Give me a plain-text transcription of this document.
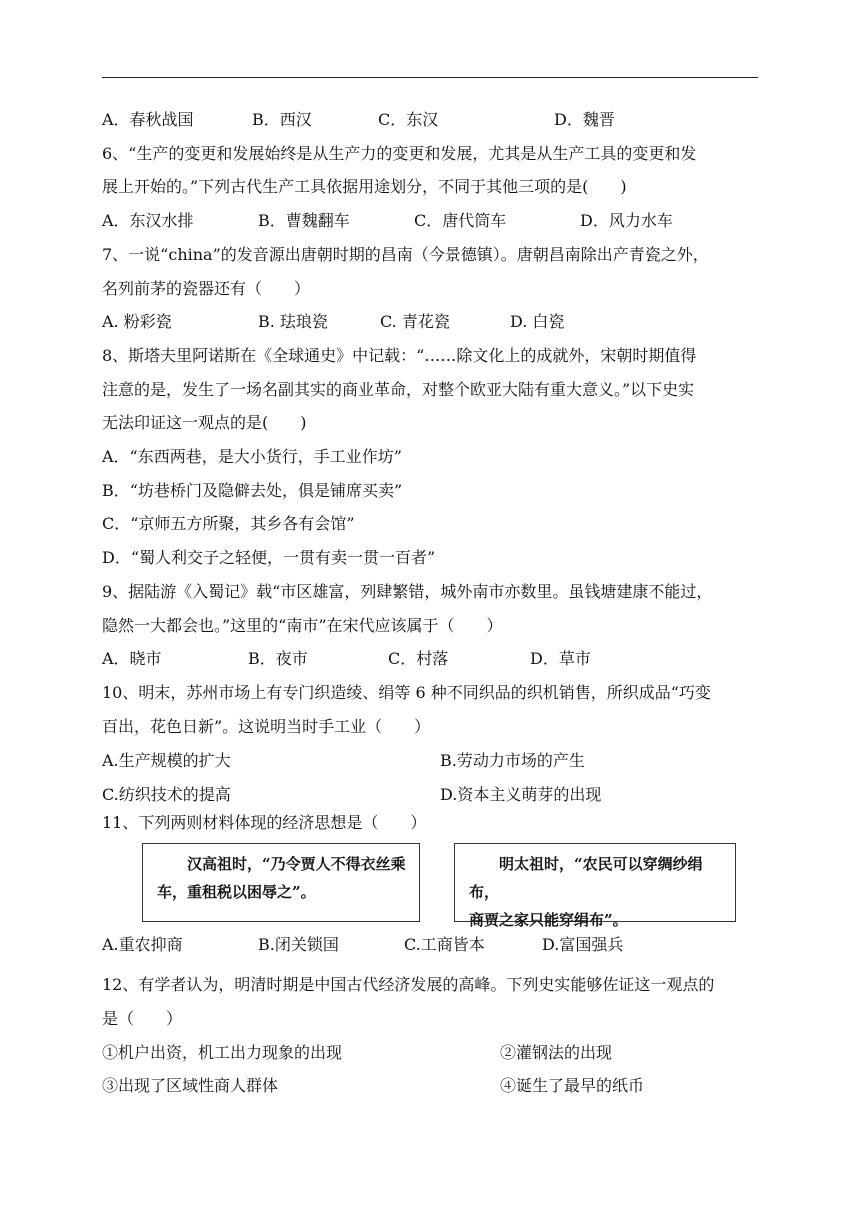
A．春秋战国	B．西汉	C．东汉	D．魏晋
6、“生产的变更和发展始终是从生产力的变更和发展，尤其是从生产工具的变更和发
展上开始的。”下列古代生产工具依据用途划分，不同于其他三项的是(　　)
A．东汉水排	B．曹魏翻车	C．唐代筒车	D．风力水车
7、一说“china”的发音源出唐朝时期的昌南（今景德镇）。唐朝昌南除出产青瓷之外，
名列前茅的瓷器还有（　　）
A. 粉彩瓷	B. 珐琅瓷	C. 青花瓷	D. 白瓷
8、斯塔夫里阿诺斯在《全球通史》中记载：“……除文化上的成就外，宋朝时期值得
注意的是，发生了一场名副其实的商业革命，对整个欧亚大陆有重大意义。”以下史实
无法印证这一观点的是(　　)
A．“东西两巷，是大小货行，手工业作坊”
B．“坊巷桥门及隐僻去处，俱是铺席买卖”
C．“京师五方所聚，其乡各有会馆”
D．“蜀人利交子之轻便，一贯有卖一贯一百者”
9、据陆游《入蜀记》载“市区雄富，列肆繁错，城外南市亦数里。虽钱塘建康不能过，
隐然一大都会也。”这里的“南市”在宋代应该属于（　　）
A．晓市	B．夜市	C．村落	D．草市
10、明末，苏州市场上有专门织造绫、绢等 6 种不同织品的织机销售，所织成品“巧变
百出，花色日新”。这说明当时手工业（　　）
A.生产规模的扩大	B.劳动力市场的产生
C.纺织技术的提高	D.资本主义萌芽的出现
11、下列两则材料体现的经济思想是（　　）
汉高祖时，“乃令贾人不得衣丝乘
车，重租税以困辱之”。
明太祖时，“农民可以穿绸纱绢布，
商贾之家只能穿绢布”。
A.重农抑商	B.闭关锁国	C.工商皆本	D.富国强兵
12、有学者认为，明清时期是中国古代经济发展的高峰。下列史实能够佐证这一观点的
是（　　）
①机户出资，机工出力现象的出现	②灌钢法的出现
③出现了区域性商人群体	④诞生了最早的纸币
